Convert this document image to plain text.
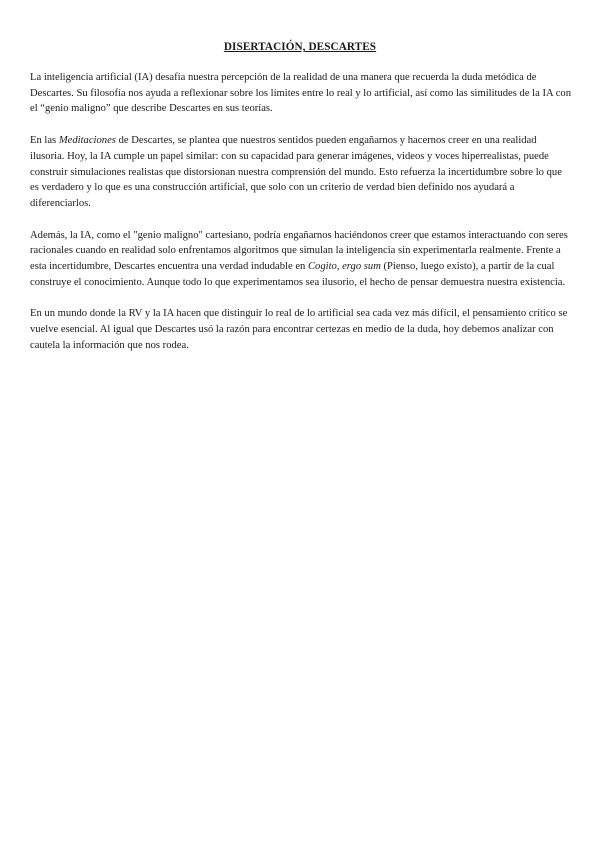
DISERTACIÓN, DESCARTES

La inteligencia artificial (IA) desafía nuestra percepción de la realidad de una manera que recuerda la duda metódica de Descartes. Su filosofía nos ayuda a reflexionar sobre los límites entre lo real y lo artificial, así como las similitudes de la IA con el “genio maligno” que describe Descartes en sus teorías.

En las Meditaciones de Descartes, se plantea que nuestros sentidos pueden engañarnos y hacernos creer en una realidad ilusoria. Hoy, la IA cumple un papel similar: con su capacidad para generar imágenes, videos y voces hiperrealistas, puede construir simulaciones realistas que distorsionan nuestra comprensión del mundo. Esto refuerza la incertidumbre sobre lo que es verdadero y lo que es una construcción artificial, que solo con un criterio de verdad bien definido nos ayudará a diferenciarlos.

Además, la IA, como el "genio maligno" cartesiano, podría engañarnos haciéndonos creer que estamos interactuando con seres racionales cuando en realidad solo enfrentamos algoritmos que simulan la inteligencia sin experimentarla realmente. Frente a esta incertidumbre, Descartes encuentra una verdad indudable en Cogito, ergo sum (Pienso, luego existo), a partir de la cual construye el conocimiento. Aunque todo lo que experimentamos sea ilusorio, el hecho de pensar demuestra nuestra existencia.

En un mundo donde la RV y la IA hacen que distinguir lo real de lo artificial sea cada vez más difícil, el pensamiento crítico se vuelve esencial. Al igual que Descartes usó la razón para encontrar certezas en medio de la duda, hoy debemos analizar con cautela la información que nos rodea.
